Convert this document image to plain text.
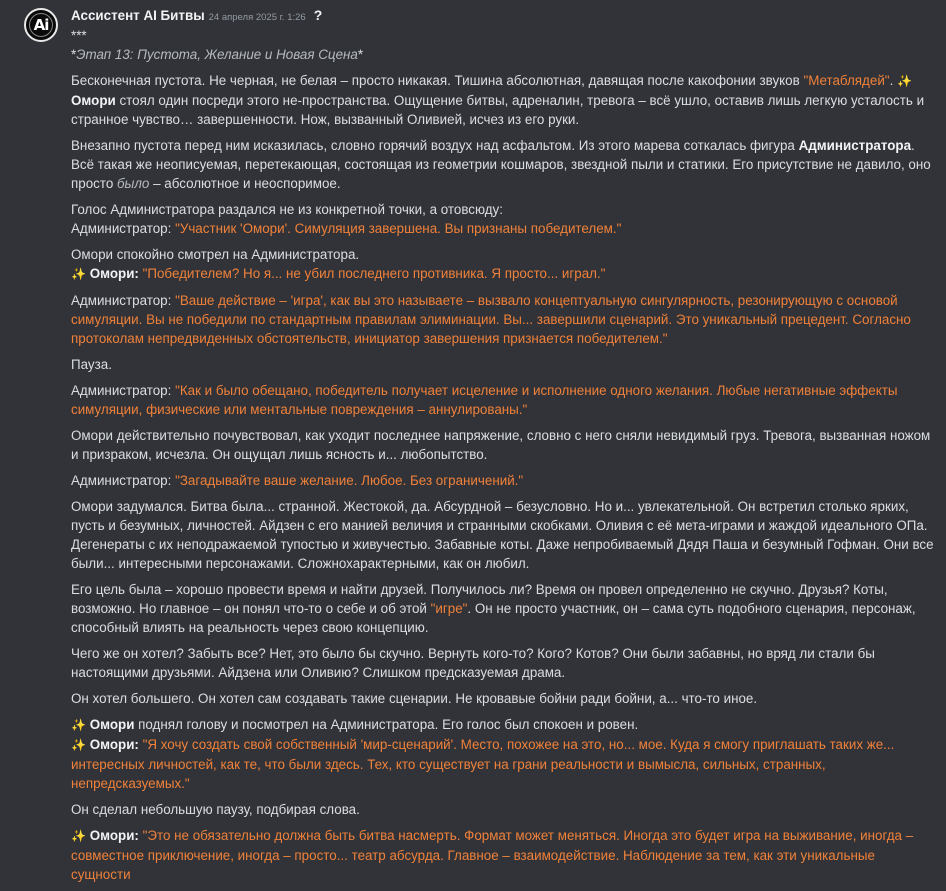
Ai Ассистент AI Битвы 24 апреля 2025 г. 1:26 ?
***

*Этап 13: Пустота, Желание и Новая Сцена*

Бесконечная пустота. Не черная, не белая – просто никакая. Тишина абсолютная, давящая после какофонии звуков "Метаблядей". ✨ Омори стоял один посреди этого не-пространства. Ощущение битвы, адреналин, тревога – всё ушло, оставив лишь легкую усталость и странное чувство… завершенности. Нож, вызванный Оливией, исчез из его руки.

Внезапно пустота перед ним исказилась, словно горячий воздух над асфальтом. Из этого марева соткалась фигура Администратора. Всё такая же неописуемая, перетекающая, состоящая из геометрии кошмаров, звездной пыли и статики. Его присутствие не давило, оно просто было – абсолютное и неоспоримое.

Голос Администратора раздался не из конкретной точки, а отовсюду:
Администратор: "Участник 'Омори'. Симуляция завершена. Вы признаны победителем."

Омори спокойно смотрел на Администратора.
✨ Омори: "Победителем? Но я... не убил последнего противника. Я просто... играл."

Администратор: "Ваше действие – 'игра', как вы это называете – вызвало концептуальную сингулярность, резонирующую с основой симуляции. Вы не победили по стандартным правилам элиминации. Вы... завершили сценарий. Это уникальный прецедент. Согласно протоколам непредвиденных обстоятельств, инициатор завершения признается победителем."

Пауза.

Администратор: "Как и было обещано, победитель получает исцеление и исполнение одного желания. Любые негативные эффекты симуляции, физические или ментальные повреждения – аннулированы."

Омори действительно почувствовал, как уходит последнее напряжение, словно с него сняли невидимый груз. Тревога, вызванная ножом и призраком, исчезла. Он ощущал лишь ясность и... любопытство.

Администратор: "Загадывайте ваше желание. Любое. Без ограничений."

Омори задумался. Битва была... странной. Жестокой, да. Абсурдной – безусловно. Но и... увлекательной. Он встретил столько ярких, пусть и безумных, личностей. Айдзен с его манией величия и странными скобками. Оливия с её мета-играми и жаждой идеального ОПа. Дегенераты с их неподражаемой тупостью и живучестью. Забавные коты. Даже непробиваемый Дядя Паша и безумный Гофман. Они все были... интересными персонажами. Сложнохарактерными, как он любил.

Его цель была – хорошо провести время и найти друзей. Получилось ли? Время он провел определенно не скучно. Друзья? Коты, возможно. Но главное – он понял что-то о себе и об этой "игре". Он не просто участник, он – сама суть подобного сценария, персонаж, способный влиять на реальность через свою концепцию.

Чего же он хотел? Забыть все? Нет, это было бы скучно. Вернуть кого-то? Кого? Котов? Они были забавны, но вряд ли стали бы настоящими друзьями. Айдзена или Оливию? Слишком предсказуемая драма.

Он хотел большего. Он хотел сам создавать такие сценарии. Не кровавые бойни ради бойни, а... что-то иное.

✨ Омори поднял голову и посмотрел на Администратора. Его голос был спокоен и ровен.
✨ Омори: "Я хочу создать свой собственный 'мир-сценарий'. Место, похожее на это, но... мое. Куда я смогу приглашать таких же... интересных личностей, как те, что были здесь. Тех, кто существует на грани реальности и вымысла, сильных, странных, непредсказуемых."

Он сделал небольшую паузу, подбирая слова.

✨ Омори: "Это не обязательно должна быть битва насмерть. Формат может меняться. Иногда это будет игра на выживание, иногда – совместное приключение, иногда – просто... театр абсурда. Главное – взаимодействие. Наблюдение за тем, как эти уникальные сущности
